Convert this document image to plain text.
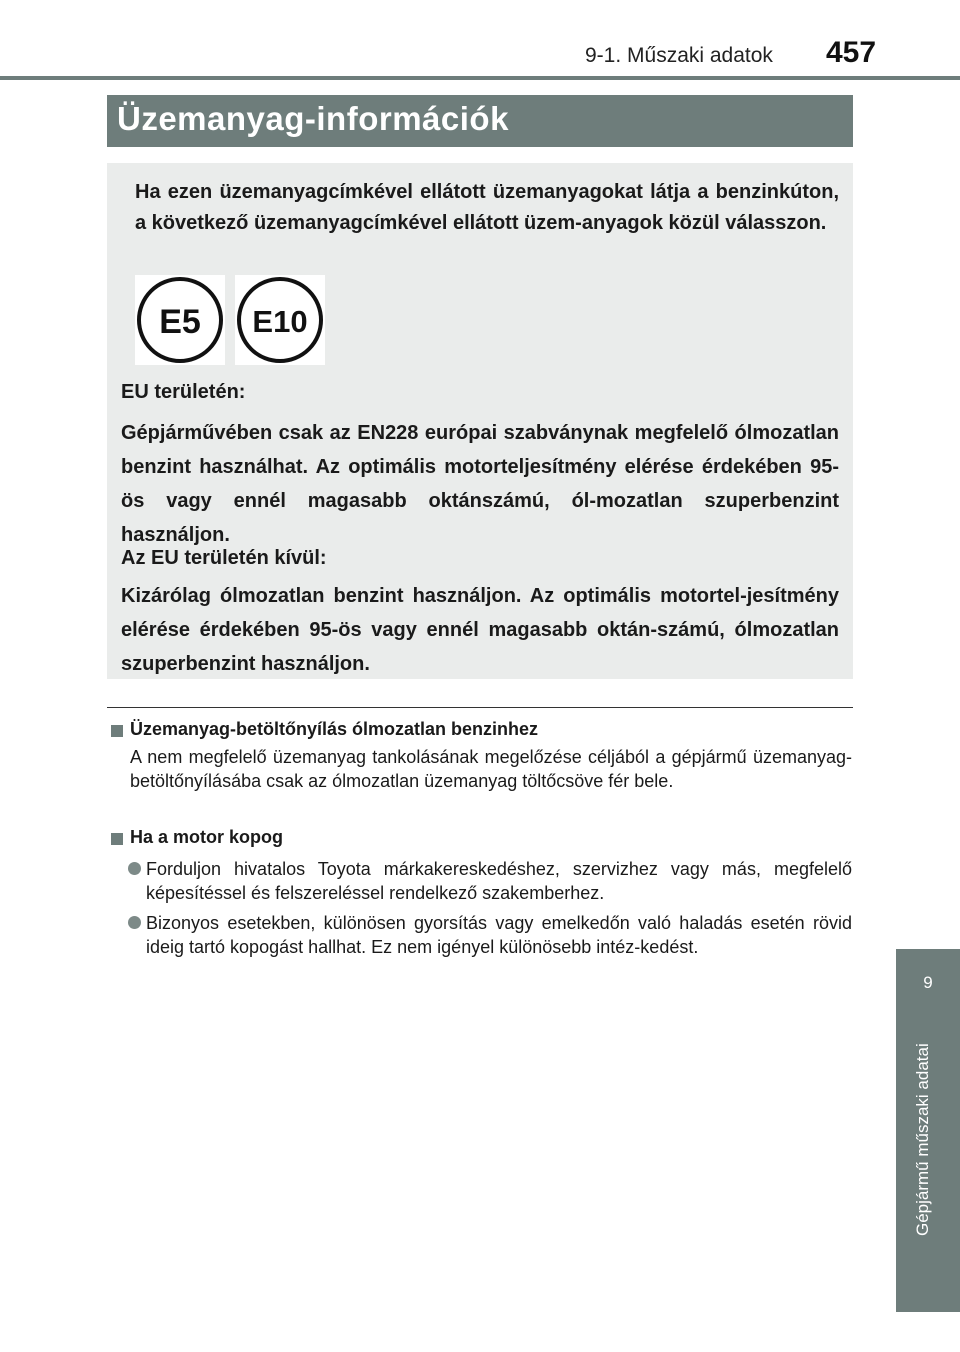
9-1. Műszaki adatok 457
Üzemanyag-információk
Ha ezen üzemanyagcímkével ellátott üzemanyagokat látja a benzinkúton, a következő üzemanyagcímkével ellátott üzem-anyagok közül válasszon.
E5 E10
EU területén:
Gépjárművében csak az EN228 európai szabványnak megfelelő ólmozatlan benzint használhat. Az optimális motorteljesítmény elérése érdekében 95-ös vagy ennél magasabb oktánszámú, ól-mozatlan szuperbenzint használjon.
Az EU területén kívül:
Kizárólag ólmozatlan benzint használjon. Az optimális motortel-jesítmény elérése érdekében 95-ös vagy ennél magasabb oktán-számú, ólmozatlan szuperbenzint használjon.
Üzemanyag-betöltőnyílás ólmozatlan benzinhez
A nem megfelelő üzemanyag tankolásának megelőzése céljából a gépjármű üzemanyag-betöltőnyílásába csak az ólmozatlan üzemanyag töltőcsöve fér bele.
Ha a motor kopog
Forduljon hivatalos Toyota márkakereskedéshez, szervizhez vagy más, megfelelő képesítéssel és felszereléssel rendelkező szakemberhez.
Bizonyos esetekben, különösen gyorsítás vagy emelkedőn való haladás esetén rövid ideig tartó kopogást hallhat. Ez nem igényel különösebb intéz-kedést.
9
Gépjármű műszaki adatai
